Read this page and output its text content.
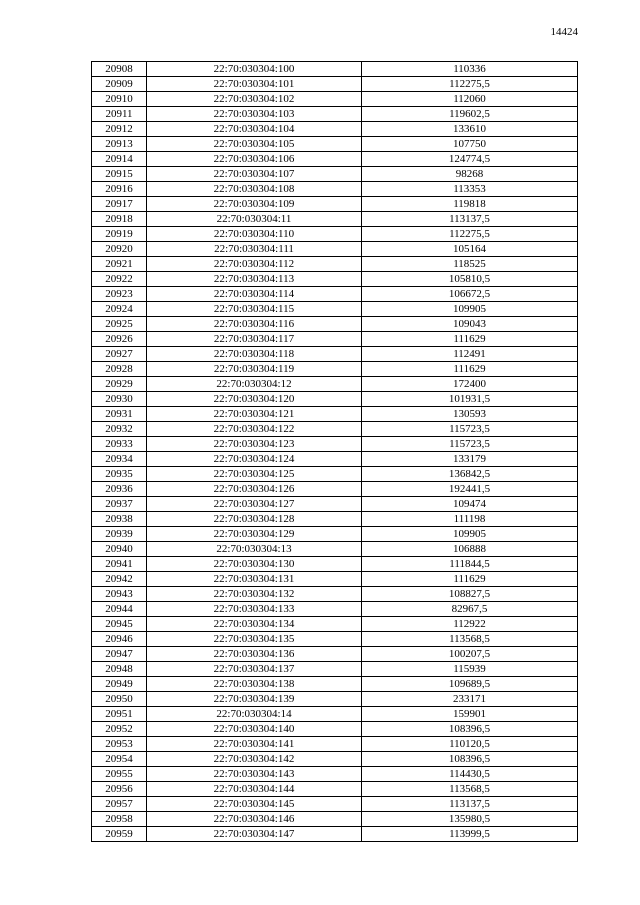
14424
20908	22:70:030304:100	110336
20909	22:70:030304:101	112275,5
20910	22:70:030304:102	112060
20911	22:70:030304:103	119602,5
20912	22:70:030304:104	133610
20913	22:70:030304:105	107750
20914	22:70:030304:106	124774,5
20915	22:70:030304:107	98268
20916	22:70:030304:108	113353
20917	22:70:030304:109	119818
20918	22:70:030304:11	113137,5
20919	22:70:030304:110	112275,5
20920	22:70:030304:111	105164
20921	22:70:030304:112	118525
20922	22:70:030304:113	105810,5
20923	22:70:030304:114	106672,5
20924	22:70:030304:115	109905
20925	22:70:030304:116	109043
20926	22:70:030304:117	111629
20927	22:70:030304:118	112491
20928	22:70:030304:119	111629
20929	22:70:030304:12	172400
20930	22:70:030304:120	101931,5
20931	22:70:030304:121	130593
20932	22:70:030304:122	115723,5
20933	22:70:030304:123	115723,5
20934	22:70:030304:124	133179
20935	22:70:030304:125	136842,5
20936	22:70:030304:126	192441,5
20937	22:70:030304:127	109474
20938	22:70:030304:128	111198
20939	22:70:030304:129	109905
20940	22:70:030304:13	106888
20941	22:70:030304:130	111844,5
20942	22:70:030304:131	111629
20943	22:70:030304:132	108827,5
20944	22:70:030304:133	82967,5
20945	22:70:030304:134	112922
20946	22:70:030304:135	113568,5
20947	22:70:030304:136	100207,5
20948	22:70:030304:137	115939
20949	22:70:030304:138	109689,5
20950	22:70:030304:139	233171
20951	22:70:030304:14	159901
20952	22:70:030304:140	108396,5
20953	22:70:030304:141	110120,5
20954	22:70:030304:142	108396,5
20955	22:70:030304:143	114430,5
20956	22:70:030304:144	113568,5
20957	22:70:030304:145	113137,5
20958	22:70:030304:146	135980,5
20959	22:70:030304:147	113999,5
